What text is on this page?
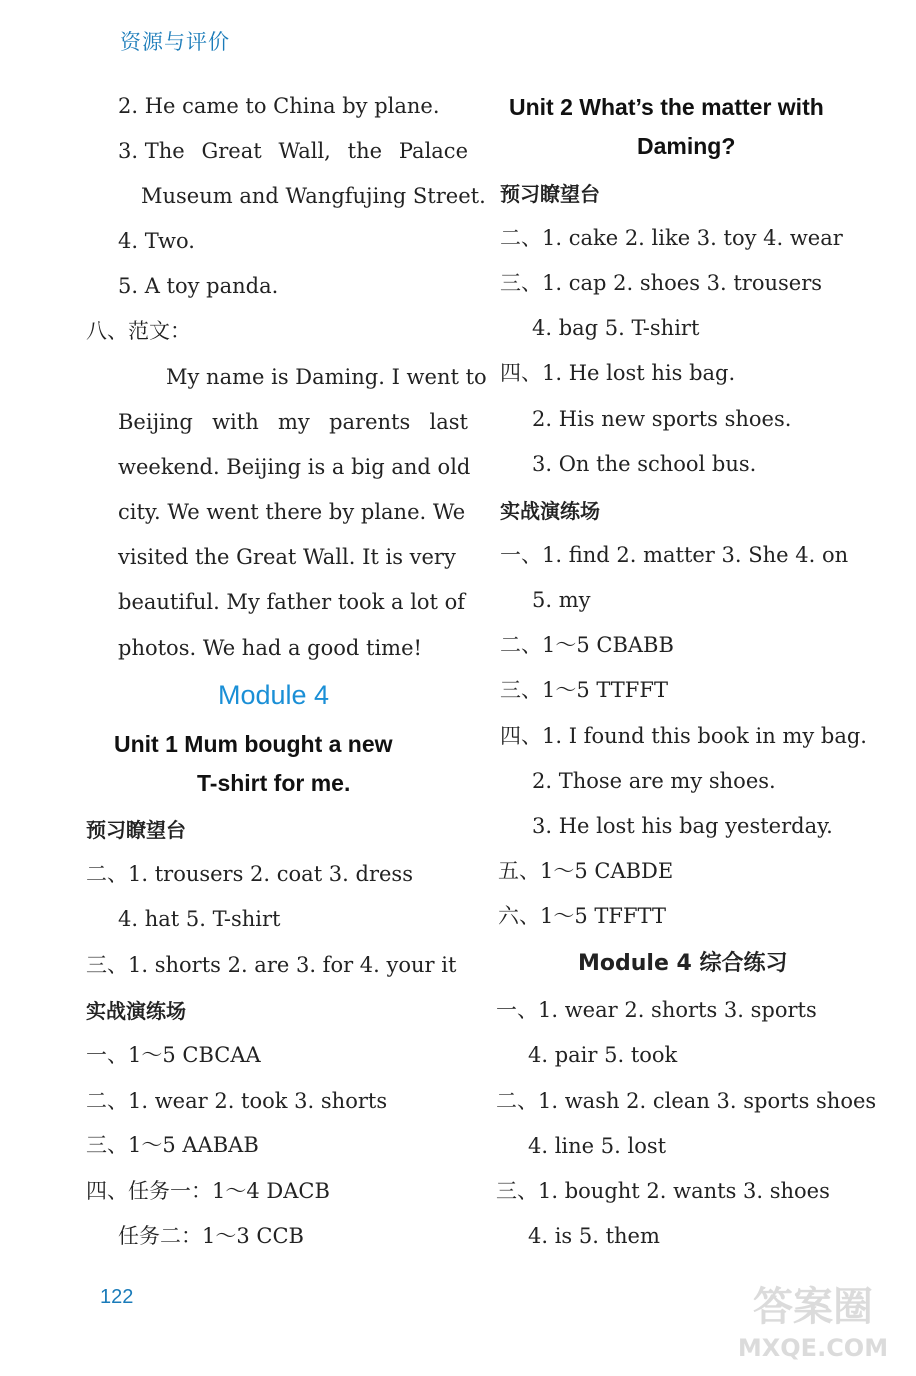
资源与评价
2. He came to China by plane.
3. The Great Wall, the Palace
Museum and Wangfujing Street.
4. Two.
5. A toy panda.
八、范文：
My name is Daming. I went to
Beijing with my parents last
weekend. Beijing is a big and old
city. We went there by plane. We
visited the Great Wall. It is very
beautiful. My father took a lot of
photos. We had a good time!
Module 4
Unit 1 Mum bought a new
T-shirt for me.
预习瞭望台
二、1. trousers 2. coat 3. dress
4. hat 5. T-shirt
三、1. shorts 2. are 3. for 4. your it
实战演练场
一、1～5 CBCAA
二、1. wear 2. took 3. shorts
三、1～5 AABAB
四、任务一：1～4 DACB
任务二：1～3 CCB
Unit 2 What’s the matter with
Daming?
预习瞭望台
二、1. cake 2. like 3. toy 4. wear
三、1. cap 2. shoes 3. trousers
4. bag 5. T-shirt
四、1. He lost his bag.
2. His new sports shoes.
3. On the school bus.
实战演练场
一、1. find 2. matter 3. She 4. on
5. my
二、1～5 CBABB
三、1～5 TTFFT
四、1. I found this book in my bag.
2. Those are my shoes.
3. He lost his bag yesterday.
五、1～5 CABDE
六、1～5 TFFTT
Module 4 综合练习
一、1. wear 2. shorts 3. sports
4. pair 5. took
二、1. wash 2. clean 3. sports shoes
4. line 5. lost
三、1. bought 2. wants 3. shoes
4. is 5. them
122	答案圈
MXQE.COM
